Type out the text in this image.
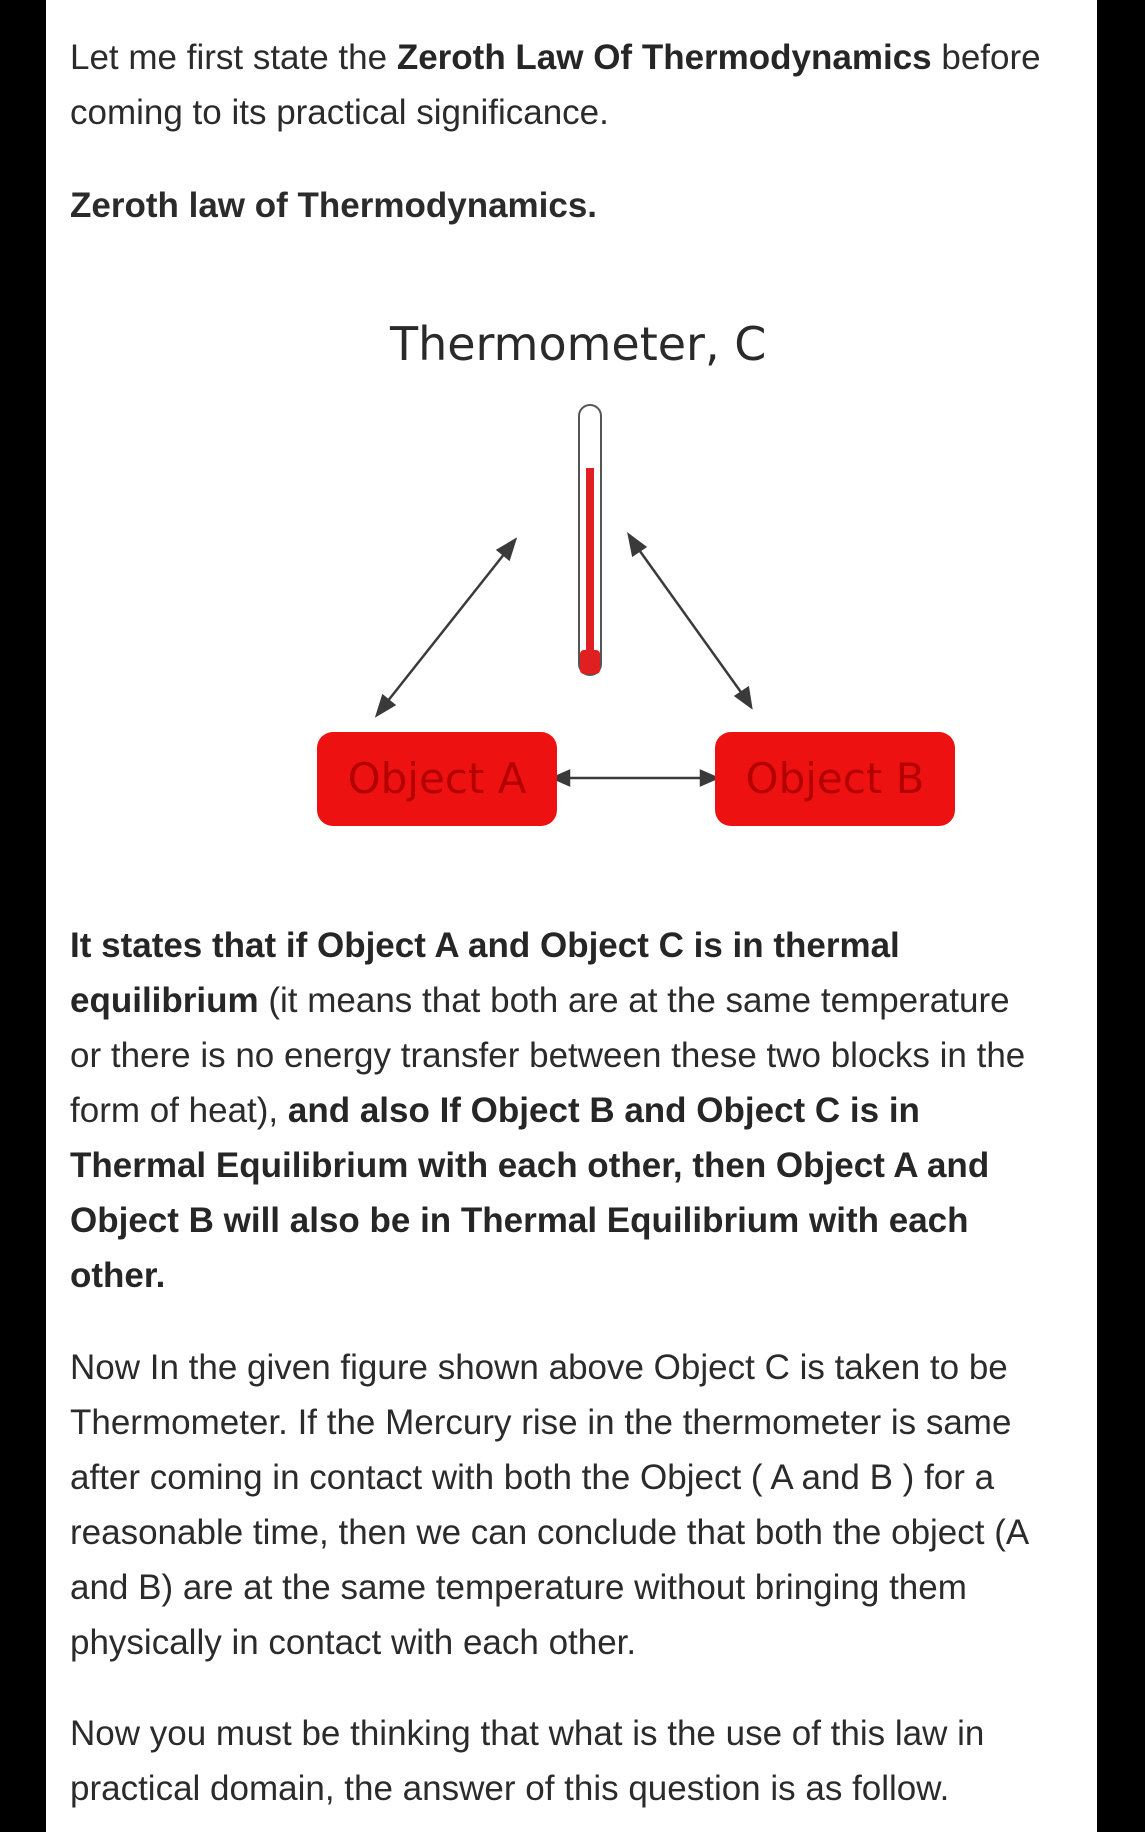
Let me first state the Zeroth Law Of Thermodynamics before coming to its practical significance.

Zeroth law of Thermodynamics.

Thermometer, C
Object A	Object B

It states that if Object A and Object C is in thermal equilibrium (it means that both are at the same temperature or there is no energy transfer between these two blocks in the form of heat), and also If Object B and Object C is in Thermal Equilibrium with each other, then Object A and Object B will also be in Thermal Equilibrium with each other.

Now In the given figure shown above Object C is taken to be Thermometer. If the Mercury rise in the thermometer is same after coming in contact with both the Object ( A and B ) for a reasonable time, then we can conclude that both the object (A and B) are at the same temperature without bringing them physically in contact with each other.

Now you must be thinking that what is the use of this law in practical domain, the answer of this question is as follow.
